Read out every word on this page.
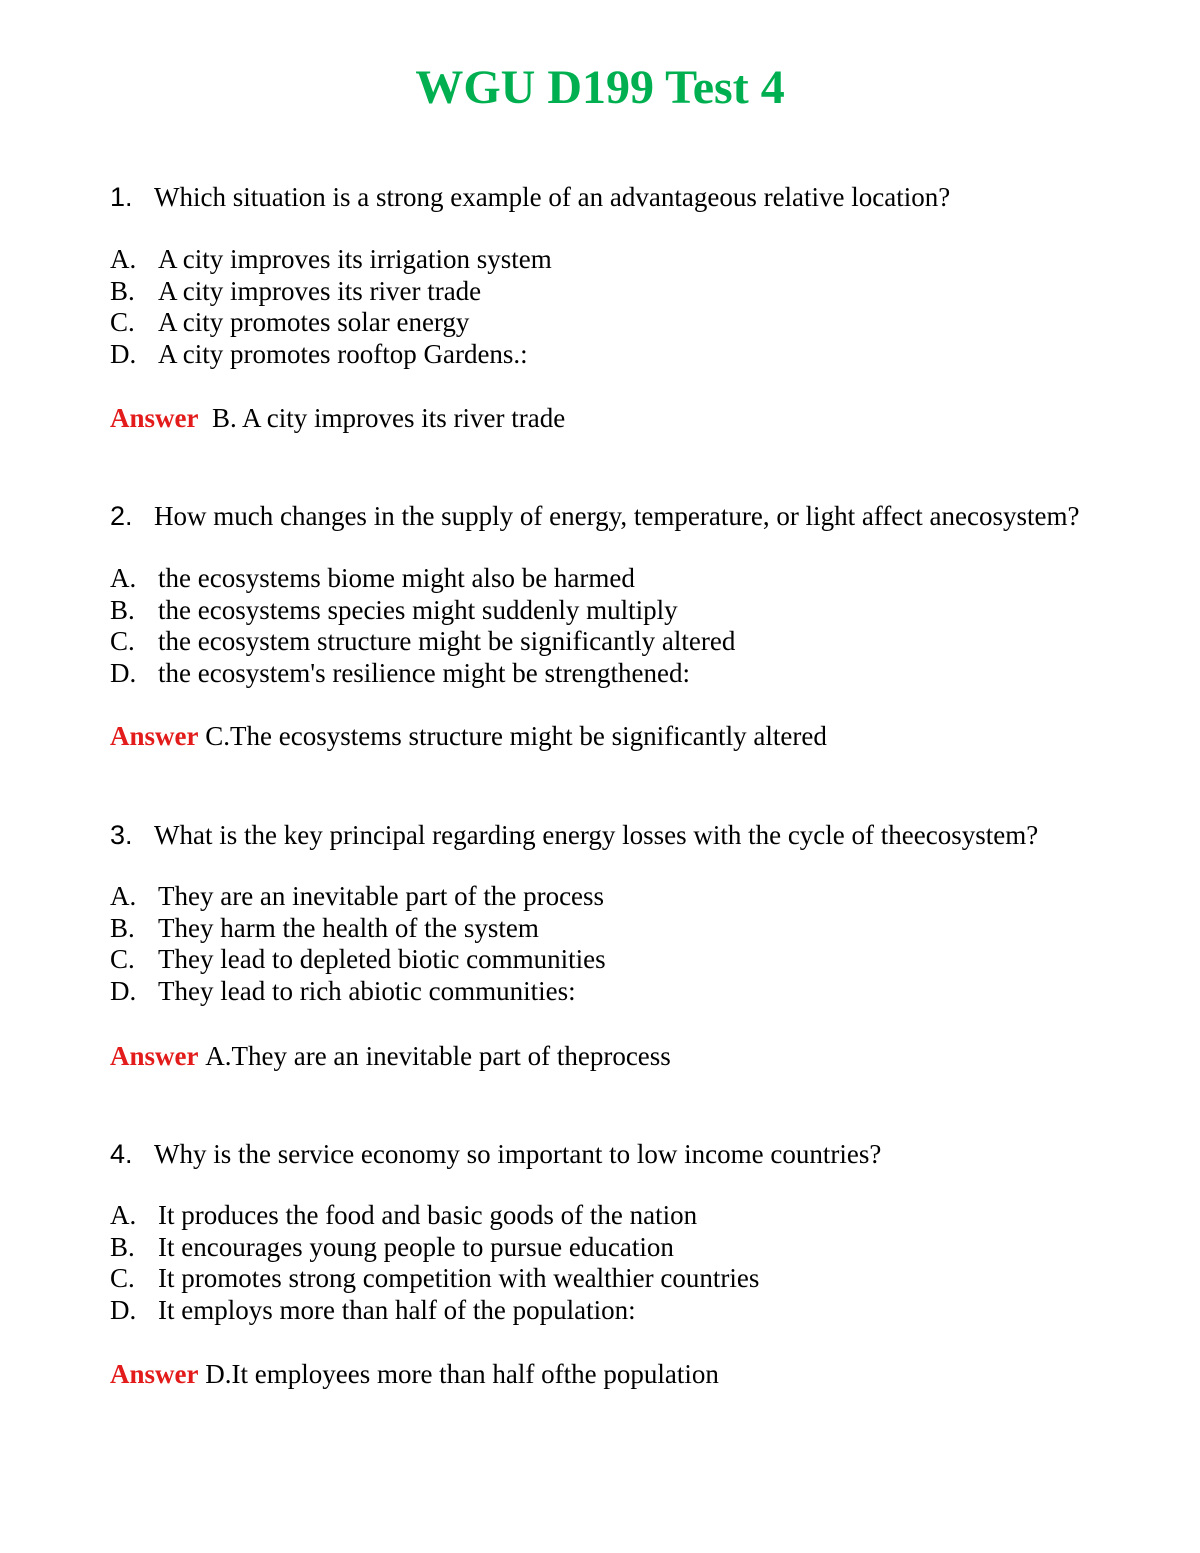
WGU D199 Test 4
1. Which situation is a strong example of an advantageous relative location?
A. A city improves its irrigation system
B. A city improves its river trade
C. A city promotes solar energy
D. A city promotes rooftop Gardens.:
Answer B. A city improves its river trade
2. How much changes in the supply of energy, temperature, or light affect anecosystem?
A. the ecosystems biome might also be harmed
B. the ecosystems species might suddenly multiply
C. the ecosystem structure might be significantly altered
D. the ecosystem's resilience might be strengthened:
Answer C.The ecosystems structure might be significantly altered
3. What is the key principal regarding energy losses with the cycle of theecosystem?
A. They are an inevitable part of the process
B. They harm the health of the system
C. They lead to depleted biotic communities
D. They lead to rich abiotic communities:
Answer A.They are an inevitable part of theprocess
4. Why is the service economy so important to low income countries?
A. It produces the food and basic goods of the nation
B. It encourages young people to pursue education
C. It promotes strong competition with wealthier countries
D. It employs more than half of the population:
Answer D.It employees more than half ofthe population
